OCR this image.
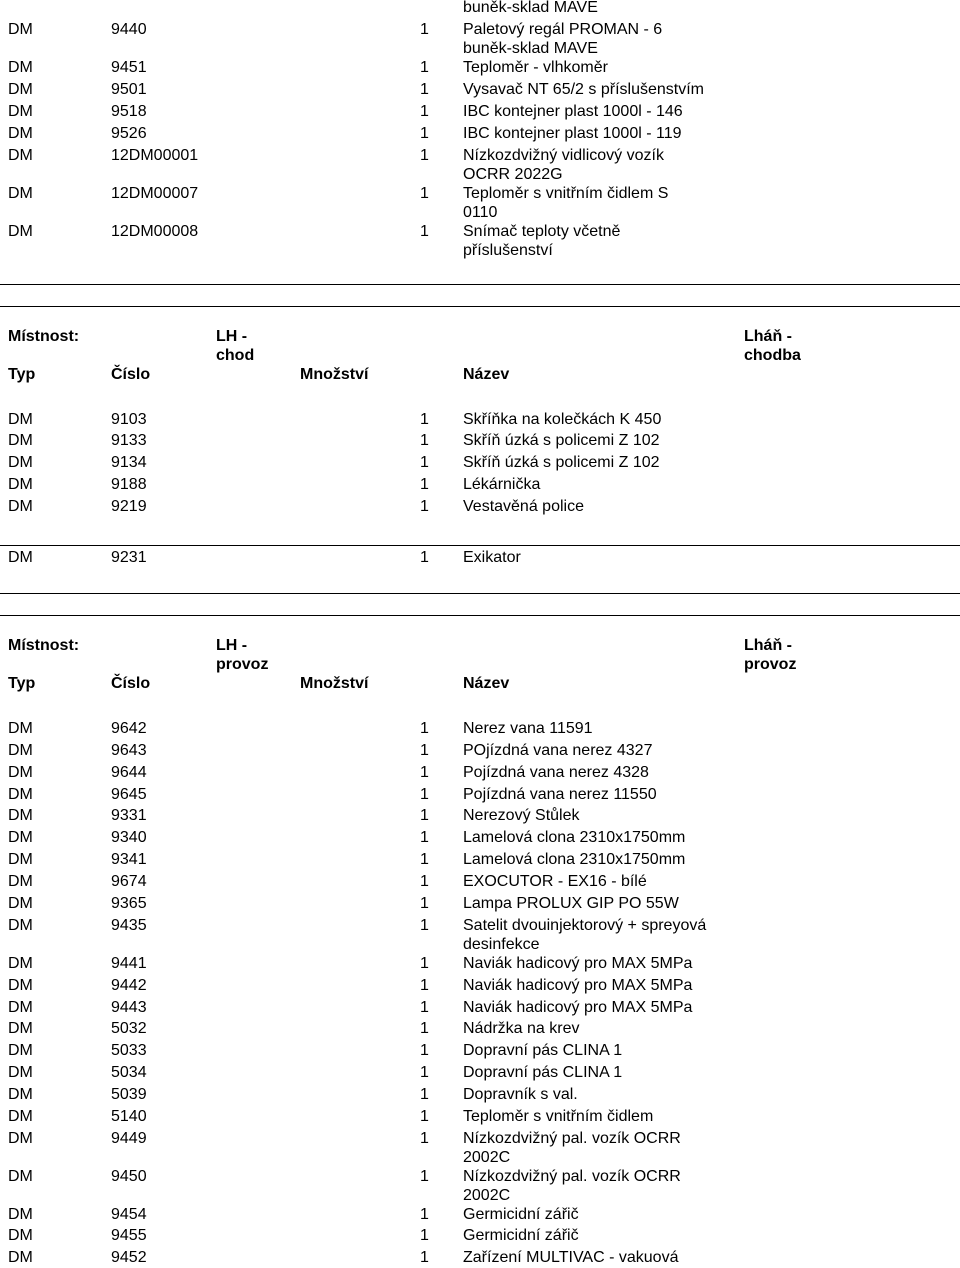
buněk-sklad MAVE
DM	9440	1 Paletový regál PROMAN - 6
buněk-sklad MAVE
DM	9451	1 Teploměr - vlhkoměr
DM	9501	1 Vysavač NT 65/2 s příslušenstvím
DM	9518	1 IBC kontejner plast 1000l - 146
DM	9526	1 IBC kontejner plast 1000l - 119
DM	12DM00001	1 Nízkozdvižný vidlicový vozík
OCRR 2022G
DM	12DM00007	1 Teploměr s vnitřním čidlem S
0110
DM	12DM00008	1 Snímač teploty včetně
příslušenství
Místnost:	LH -
chod
Lháň -
chodba
Typ	Číslo	Množství	Název
DM	9103	1 Skříňka na kolečkách K 450
DM	9133	1 Skříň úzká s policemi Z 102
DM	9134	1 Skříň úzká s policemi Z 102
DM	9188	1 Lékárnička
DM	9219	1 Vestavěná police
DM	9231	1 Exikator
Místnost:	LH -
provoz
Lháň -
provoz
Typ	Číslo	Množství	Název
DM	9642	1 Nerez vana 11591
DM	9643	1 POjízdná vana nerez 4327
DM	9644	1 Pojízdná vana nerez 4328
DM	9645	1 Pojízdná vana nerez 11550
DM	9331	1 Nerezový Stůlek
DM	9340	1 Lamelová clona 2310x1750mm
DM	9341	1 Lamelová clona 2310x1750mm
DM	9674	1 EXOCUTOR - EX16 - bílé
DM	9365	1 Lampa PROLUX GIP PO 55W
DM	9435	1 Satelit dvouinjektorový + spreyová
desinfekce
DM	9441	1 Naviák hadicový pro MAX 5MPa
DM	9442	1 Naviák hadicový pro MAX 5MPa
DM	9443	1 Naviák hadicový pro MAX 5MPa
DM	5032	1 Nádržka na krev
DM	5033	1 Dopravní pás CLINA 1
DM	5034	1 Dopravní pás CLINA 1
DM	5039	1 Dopravník s val.
DM	5140	1 Teploměr s vnitřním čidlem
DM	9449	1 Nízkozdvižný pal. vozík OCRR
2002C
DM	9450	1 Nízkozdvižný pal. vozík OCRR
2002C
DM	9454	1 Germicidní zářič
DM	9455	1 Germicidní zářič
DM	9452	1 Zařízení MULTIVAC - vakuová
